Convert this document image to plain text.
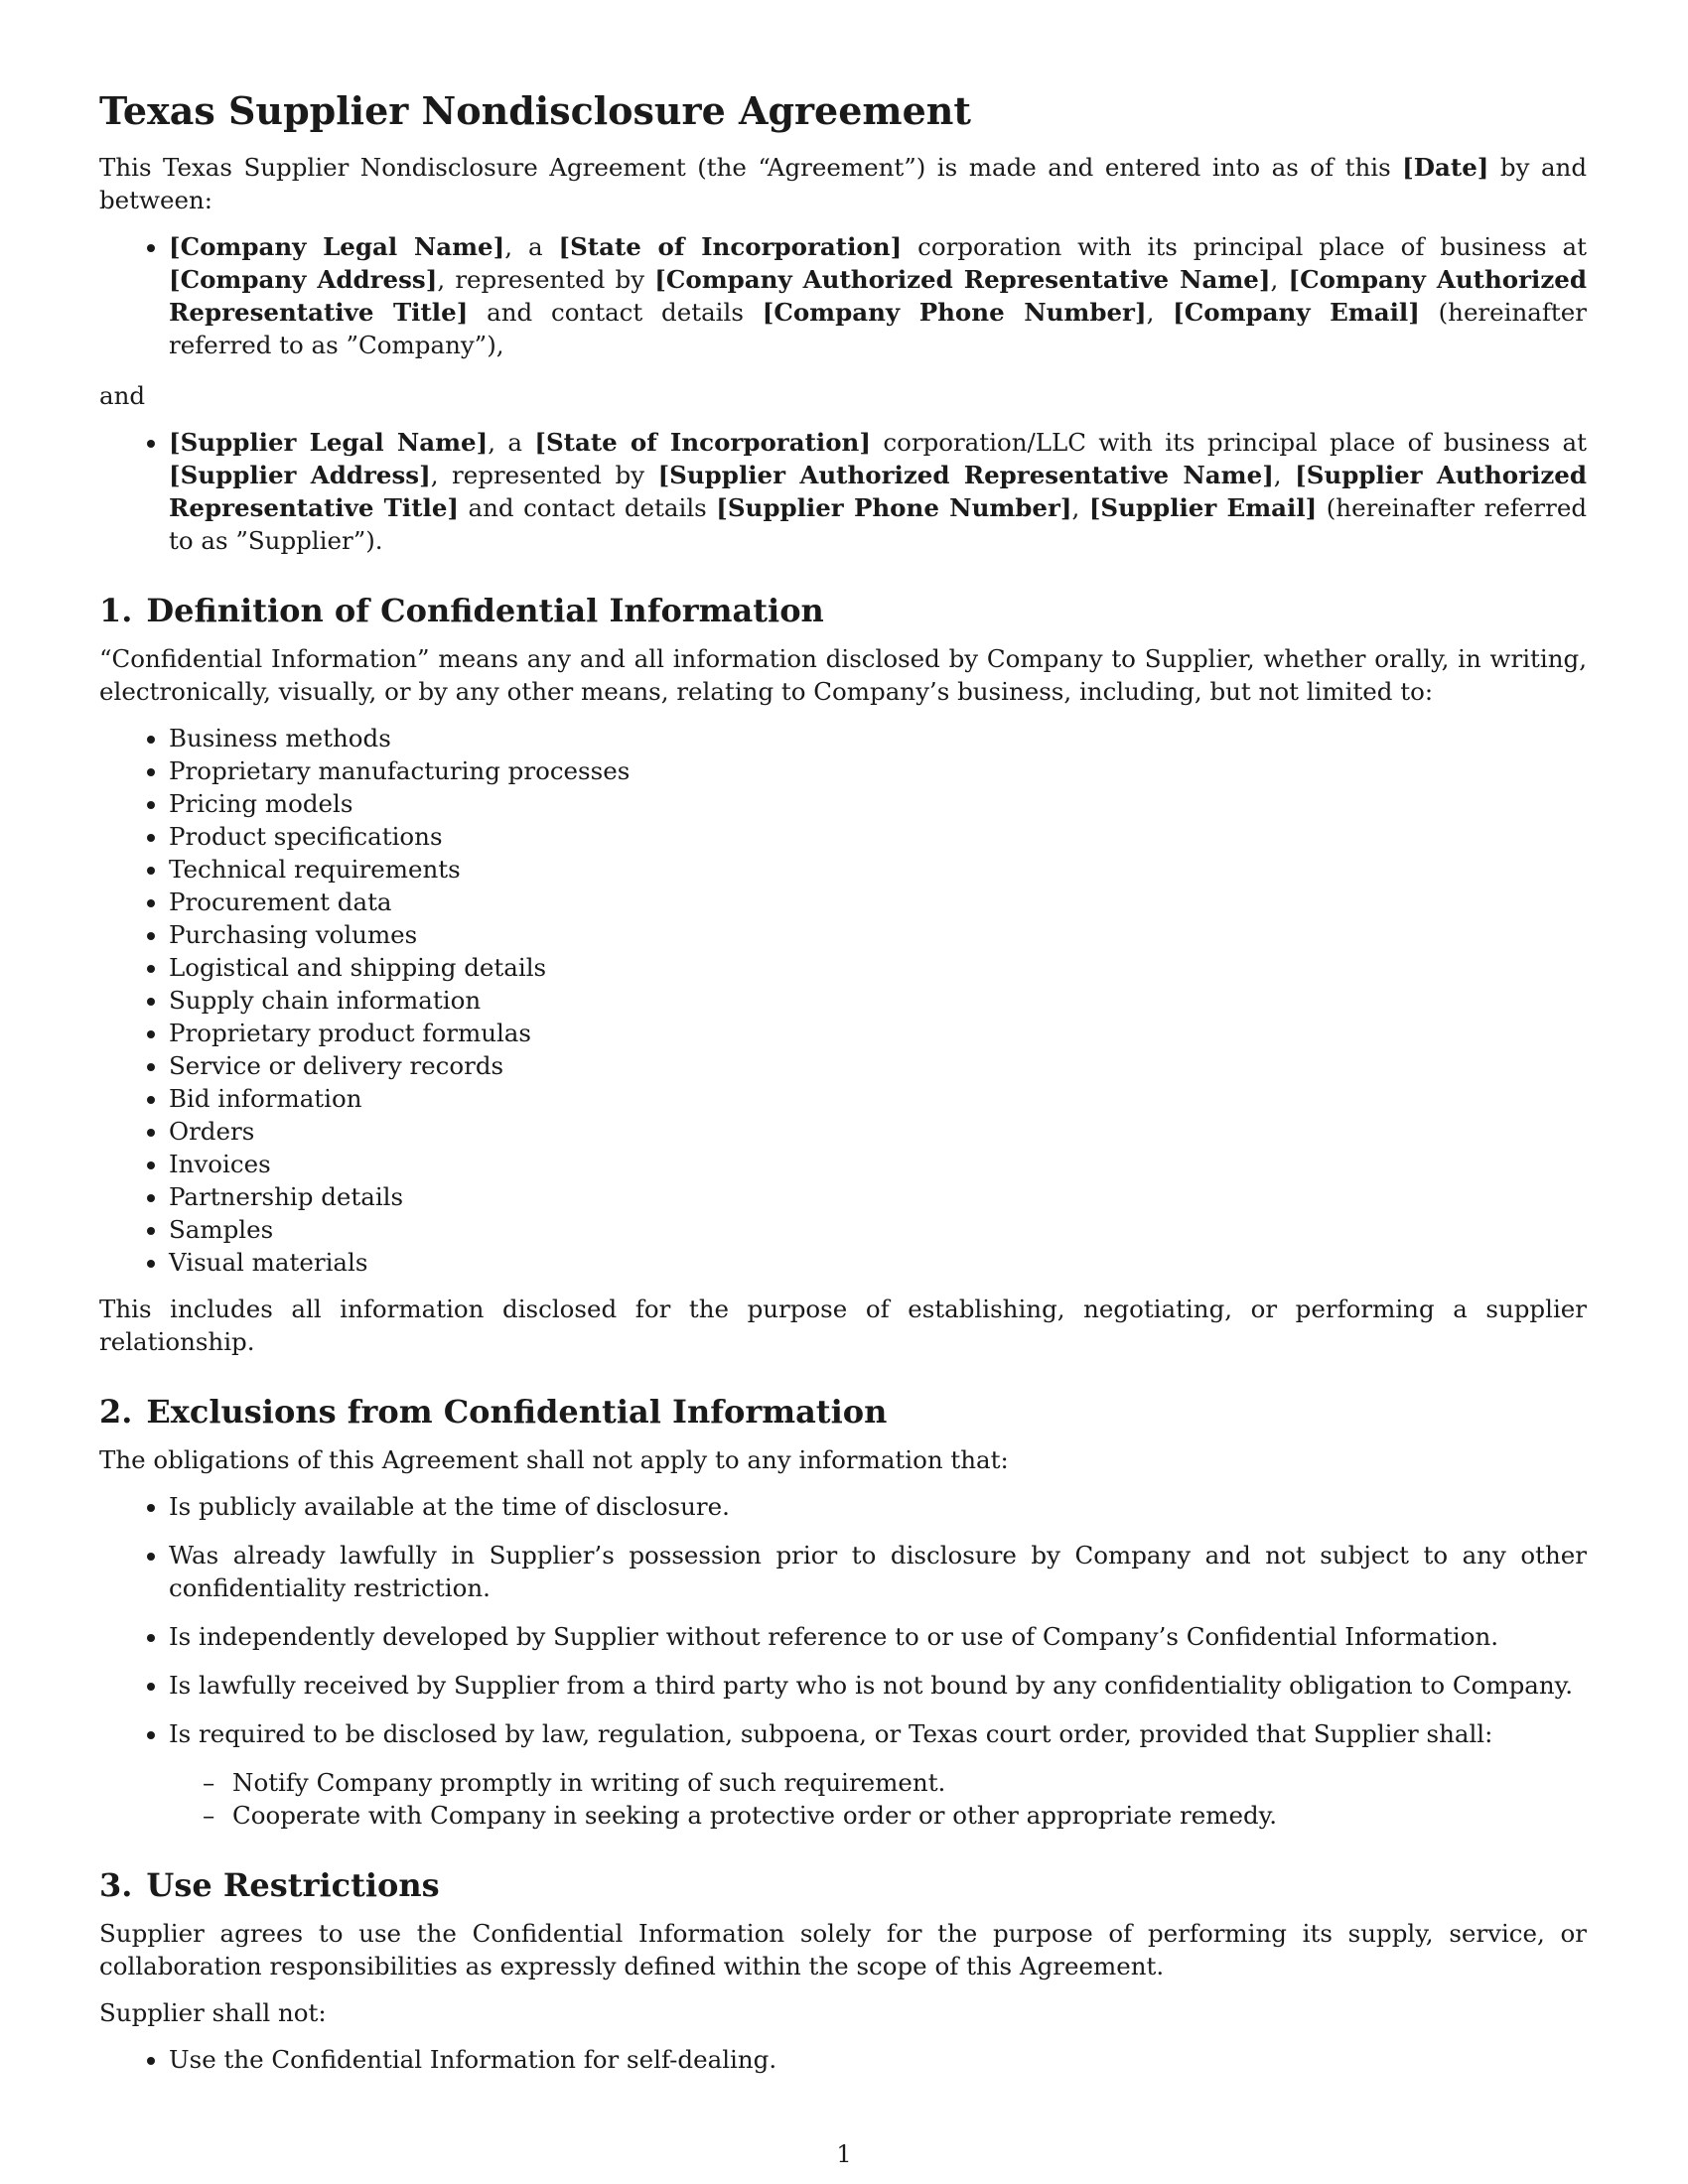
Texas Supplier Nondisclosure Agreement

This Texas Supplier Nondisclosure Agreement (the “Agreement”) is made and entered into as of this [Date] by and between:

• [Company Legal Name], a [State of Incorporation] corporation with its principal place of business at [Company Address], represented by [Company Authorized Representative Name], [Company Authorized Representative Title] and contact details [Company Phone Number], [Company Email] (hereinafter referred to as ”Company”),

and

• [Supplier Legal Name], a [State of Incorporation] corporation/LLC with its principal place of business at [Supplier Address], represented by [Supplier Authorized Representative Name], [Supplier Authorized Representative Title] and contact details [Supplier Phone Number], [Supplier Email] (hereinafter referred to as ”Supplier”).
1. Definition of Confidential Information

“Confidential Information” means any and all information disclosed by Company to Supplier, whether orally, in writing, electronically, visually, or by any other means, relating to Company’s business, including, but not limited to:

• Business methods
• Proprietary manufacturing processes
• Pricing models
• Product specifications
• Technical requirements
• Procurement data
• Purchasing volumes
• Logistical and shipping details
• Supply chain information
• Proprietary product formulas
• Service or delivery records
• Bid information
• Orders
• Invoices
• Partnership details
• Samples
• Visual materials

This includes all information disclosed for the purpose of establishing, negotiating, or performing a supplier relationship.

2. Exclusions from Confidential Information

The obligations of this Agreement shall not apply to any information that:

• Is publicly available at the time of disclosure.
• Was already lawfully in Supplier’s possession prior to disclosure by Company and not subject to any other confidentiality restriction.
• Is independently developed by Supplier without reference to or use of Company’s Confidential Information.
• Is lawfully received by Supplier from a third party who is not bound by any confidentiality obligation to Company.
• Is required to be disclosed by law, regulation, subpoena, or Texas court order, provided that Supplier shall:
– Notify Company promptly in writing of such requirement.
– Cooperate with Company in seeking a protective order or other appropriate remedy.
3. Use Restrictions

Supplier agrees to use the Confidential Information solely for the purpose of performing its supply, service, or collaboration responsibilities as expressly defined within the scope of this Agreement.

Supplier shall not:

• Use the Confidential Information for self-dealing.
1
